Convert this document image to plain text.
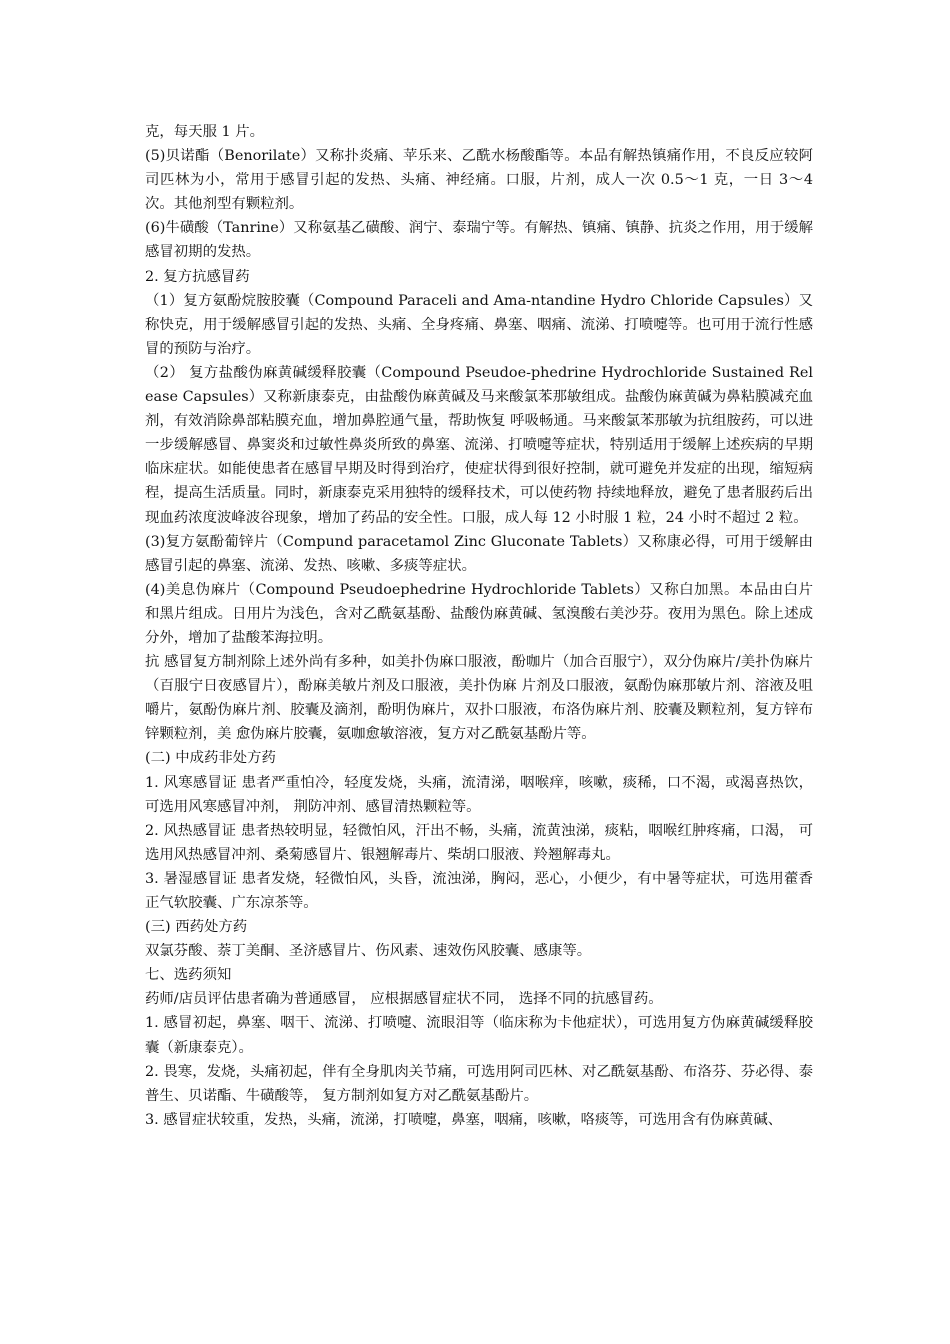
克，每天服 1 片。

(5)贝诺酯（Benorilate）又称扑炎痛、苹乐来、乙酰水杨酸酯等。本品有解热镇痛作用，不良反应较阿司匹林为小，常用于感冒引起的发热、头痛、神经痛。口服，片剂，成人一次 0.5～1 克，一日 3～4 次。其他剂型有颗粒剂。

(6)牛磺酸（Tanrine）又称氨基乙磺酸、润宁、泰瑞宁等。有解热、镇痛、镇静、抗炎之作用，用于缓解感冒初期的发热。

2. 复方抗感冒药

（1）复方氨酚烷胺胶囊（Compound Paraceli and Ama-ntandine Hydro Chloride Capsules）又称快克，用于缓解感冒引起的发热、头痛、全身疼痛、鼻塞、咽痛、流涕、打喷嚏等。也可用于流行性感冒的预防与治疗。

（2） 复方盐酸伪麻黄碱缓释胶囊（Compound Pseudoe-phedrine Hydrochloride Sustained Release Capsules）又称新康泰克，由盐酸伪麻黄碱及马来酸氯苯那敏组成。盐酸伪麻黄碱为鼻粘膜减充血剂，有效消除鼻部粘膜充血，增加鼻腔通气量，帮助恢复 呼吸畅通。马来酸氯苯那敏为抗组胺药，可以进一步缓解感冒、鼻窦炎和过敏性鼻炎所致的鼻塞、流涕、打喷嚏等症状，特别适用于缓解上述疾病的早期临床症状。如能使患者在感冒早期及时得到治疗，使症状得到很好控制，就可避免并发症的出现，缩短病程，提高生活质量。同时，新康泰克采用独特的缓释技术，可以使药物 持续地释放，避免了患者服药后出现血药浓度波峰波谷现象，增加了药品的安全性。口服，成人每 12 小时服 1 粒，24 小时不超过 2 粒。

(3)复方氨酚葡锌片（Compund paracetamol Zinc Gluconate Tablets）又称康必得，可用于缓解由感冒引起的鼻塞、流涕、发热、咳嗽、多痰等症状。

(4)美息伪麻片（Compound Pseudoephedrine Hydrochloride Tablets）又称白加黑。本品由白片和黑片组成。日用片为浅色，含对乙酰氨基酚、盐酸伪麻黄碱、氢溴酸右美沙芬。夜用为黑色。除上述成分外，增加了盐酸苯海拉明。

抗 感冒复方制剂除上述外尚有多种，如美扑伪麻口服液，酚咖片（加合百服宁），双分伪麻片/美扑伪麻片（百服宁日夜感冒片），酚麻美敏片剂及口服液，美扑伪麻 片剂及口服液，氨酚伪麻那敏片剂、溶液及咀嚼片，氨酚伪麻片剂、胶囊及滴剂，酚明伪麻片，双扑口服液，布洛伪麻片剂、胶囊及颗粒剂，复方锌布锌颗粒剂，美 愈伪麻片胶囊，氨咖愈敏溶液，复方对乙酰氨基酚片等。

(二) 中成药非处方药

1. 风寒感冒证 患者严重怕冷，轻度发烧，头痛，流清涕，咽喉痒，咳嗽，痰稀，口不渴，或渴喜热饮， 可选用风寒感冒冲剂， 荆防冲剂、感冒清热颗粒等。

2. 风热感冒证 患者热较明显，轻微怕风，汗出不畅，头痛，流黄浊涕，痰粘，咽喉红肿疼痛，口渴， 可选用风热感冒冲剂、桑菊感冒片、银翘解毒片、柴胡口服液、羚翘解毒丸。

3. 暑湿感冒证 患者发烧，轻微怕风，头昏，流浊涕，胸闷，恶心，小便少，有中暑等症状，可选用藿香正气软胶囊、广东凉茶等。

(三) 西药处方药

双氯芬酸、萘丁美酮、圣济感冒片、伤风素、速效伤风胶囊、感康等。

七、选药须知

药师/店员评估患者确为普通感冒， 应根据感冒症状不同， 选择不同的抗感冒药。

1. 感冒初起，鼻塞、咽干、流涕、打喷嚏、流眼泪等（临床称为卡他症状），可选用复方伪麻黄碱缓释胶囊（新康泰克）。

2. 畏寒，发烧，头痛初起，伴有全身肌肉关节痛，可选用阿司匹林、对乙酰氨基酚、布洛芬、芬必得、泰普生、贝诺酯、牛磺酸等， 复方制剂如复方对乙酰氨基酚片。

3. 感冒症状较重，发热，头痛，流涕，打喷嚏，鼻塞，咽痛，咳嗽，咯痰等，可选用含有伪麻黄碱、
